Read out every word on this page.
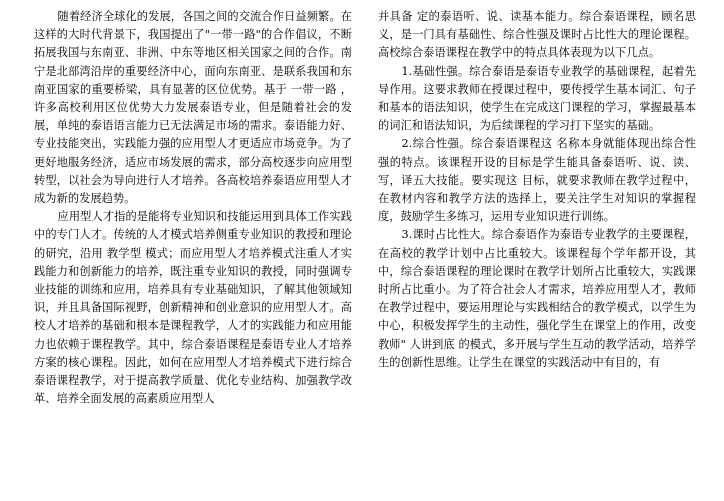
随着经济全球化的发展，各国之间的交流合作日益频繁。在这样的大时代背景下，我国提出了"一带一路"的合作倡议，不断拓展我国与东南亚、非洲、中东等地区相关国家之间的合作。南宁是北部湾沿岸的重要经济中心，面向东南亚、是联系我国和东南亚国家的重要桥梁，具有显著的区位优势。基于 一带一路 ，许多高校利用区位优势大力发展泰语专业，但是随着社会的发展，单纯的泰语语言能力已无法满足市场的需求。泰语能力好、专业技能突出，实践能力强的应用型人才更适应市场竞争。为了更好地服务经济，适应市场发展的需求，部分高校逐步向应用型转型，以社会为导向进行人才培养。各高校培养泰语应用型人才成为新的发展趋势。

应用型人才指的是能将专业知识和技能运用到具体工作实践中的专门人才。传统的人才模式培养侧重专业知识的教授和理论的研究，沿用 教学型 模式；而应用型人才培养模式注重人才实践能力和创新能力的培养，既注重专业知识的教授，同时强调专业技能的训练和应用，培养具有专业基础知识，了解其他领域知识，并且具备国际视野，创新精神和创业意识的应用型人才。高校人才培养的基础和根本是课程教学，人才的实践能力和应用能力也依赖于课程教学。其中，综合泰语课程是泰语专业人才培养方案的核心课程。因此，如何在应用型人才培养模式下进行综合泰语课程教学，对于提高教学质量、优化专业结构、加强教学改革、培养全面发展的高素质应用型人

并具备 定的泰语听、说、读基本能力。综合泰语课程，顾名思义，是一门具有基础性、综合性强及课时占比性大的理论课程。高校综合泰语课程在教学中的特点具体表现为以下几点。

1.基础性强。综合泰语是泰语专业教学的基础课程，起着先导作用。这要求教师在授课过程中，要传授学生基本词汇、句子和基本的语法知识，使学生在完成这门课程的学习，掌握最基本的词汇和语法知识，为后续课程的学习打下坚实的基础。

2.综合性强。综合泰语课程这 名称本身就能体现出综合性强的特点。该课程开设的目标是学生能具备泰语听、说、读、写，译五大技能。要实现这 目标，就要求教师在教学过程中，在教材内容和教学方法的选择上，要关注学生对知识的掌握程度，鼓励学生多练习，运用专业知识进行训练。

3.课时占比性大。综合泰语作为泰语专业教学的主要课程，在高校的教学计划中占比重较大。该课程每个学年都开设，其中，综合泰语课程的理论课时在教学计划所占比重较大，实践课时所占比重小。为了符合社会人才需求，培养应用型人才，教师在教学过程中，要运用理论与实践相结合的教学模式，以学生为中心，积极发挥学生的主动性，强化学生在课堂上的作用，改变教师" 人讲到底 的模式，多开展与学生互动的教学活动，培养学生的创新性思维。让学生在课堂的实践活动中有目的，有
